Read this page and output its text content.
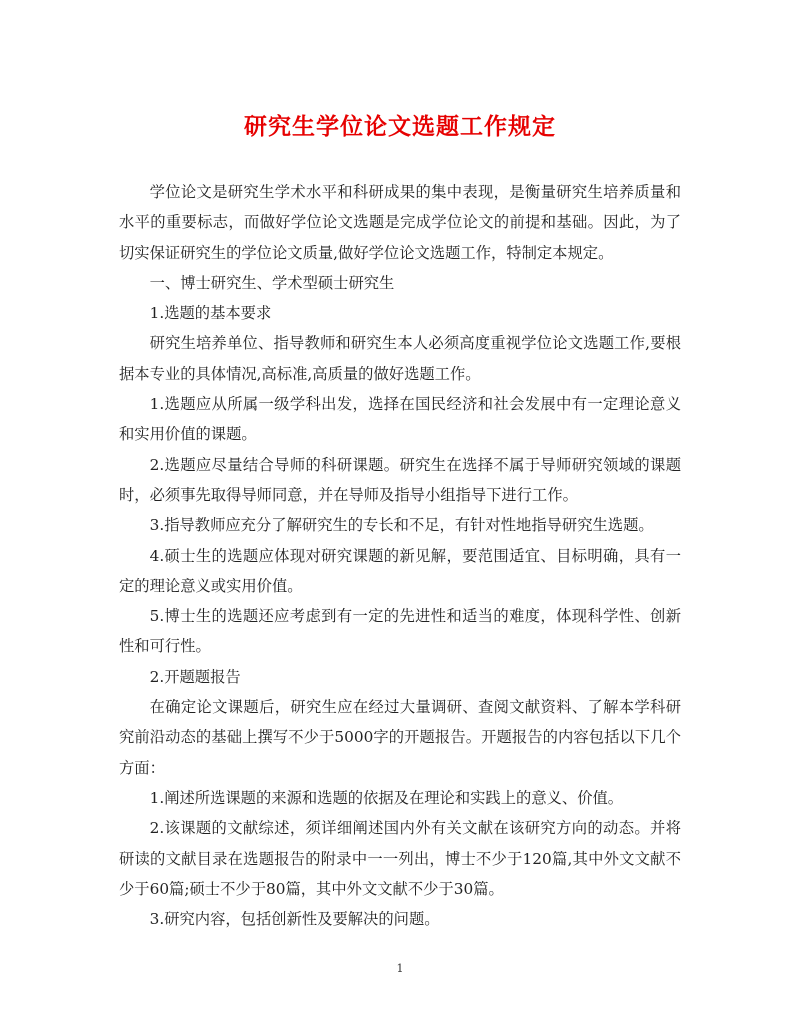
研究生学位论文选题工作规定

学位论文是研究生学术水平和科研成果的集中表现，是衡量研究生培养质量和水平的重要标志，而做好学位论文选题是完成学位论文的前提和基础。因此，为了切实保证研究生的学位论文质量,做好学位论文选题工作，特制定本规定。

一、博士研究生、学术型硕士研究生

1.选题的基本要求

研究生培养单位、指导教师和研究生本人必须高度重视学位论文选题工作,要根据本专业的具体情况,高标准,高质量的做好选题工作。

1.选题应从所属一级学科出发，选择在国民经济和社会发展中有一定理论意义和实用价值的课题。

2.选题应尽量结合导师的科研课题。研究生在选择不属于导师研究领域的课题时，必须事先取得导师同意，并在导师及指导小组指导下进行工作。

3.指导教师应充分了解研究生的专长和不足，有针对性地指导研究生选题。

4.硕士生的选题应体现对研究课题的新见解，要范围适宜、目标明确，具有一定的理论意义或实用价值。

5.博士生的选题还应考虑到有一定的先进性和适当的难度，体现科学性、创新性和可行性。

2.开题题报告

在确定论文课题后，研究生应在经过大量调研、查阅文献资料、了解本学科研究前沿动态的基础上撰写不少于5000字的开题报告。开题报告的内容包括以下几个方面：

1.阐述所选课题的来源和选题的依据及在理论和实践上的意义、价值。

2.该课题的文献综述，须详细阐述国内外有关文献在该研究方向的动态。并将研读的文献目录在选题报告的附录中一一列出，博士不少于120篇,其中外文文献不少于60篇;硕士不少于80篇，其中外文文献不少于30篇。

3.研究内容，包括创新性及要解决的问题。

1
